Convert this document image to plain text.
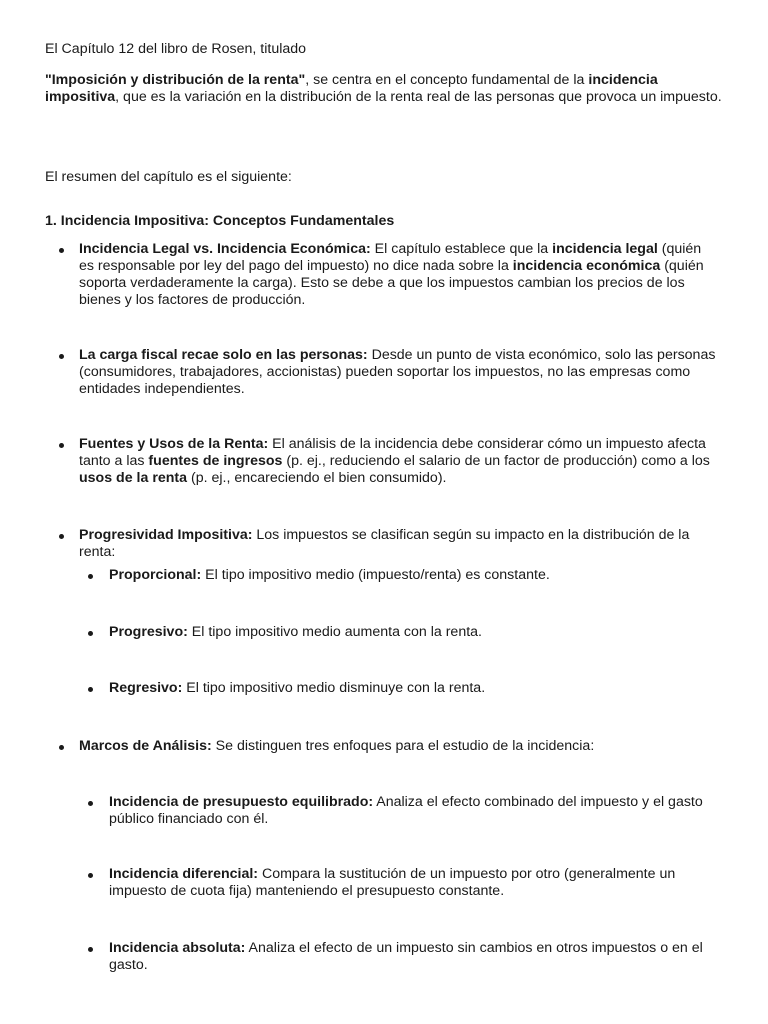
El Capítulo 12 del libro de Rosen, titulado

"Imposición y distribución de la renta", se centra en el concepto fundamental de la incidencia impositiva, que es la variación en la distribución de la renta real de las personas que provoca un impuesto.

El resumen del capítulo es el siguiente:

1. Incidencia Impositiva: Conceptos Fundamentales

Incidencia Legal vs. Incidencia Económica: El capítulo establece que la incidencia legal (quién es responsable por ley del pago del impuesto) no dice nada sobre la incidencia económica (quién soporta verdaderamente la carga). Esto se debe a que los impuestos cambian los precios de los bienes y los factores de producción.

La carga fiscal recae solo en las personas: Desde un punto de vista económico, solo las personas (consumidores, trabajadores, accionistas) pueden soportar los impuestos, no las empresas como entidades independientes.

Fuentes y Usos de la Renta: El análisis de la incidencia debe considerar cómo un impuesto afecta tanto a las fuentes de ingresos (p. ej., reduciendo el salario de un factor de producción) como a los usos de la renta (p. ej., encareciendo el bien consumido).

Progresividad Impositiva: Los impuestos se clasifican según su impacto en la distribución de la renta:

Proporcional: El tipo impositivo medio (impuesto/renta) es constante.

Progresivo: El tipo impositivo medio aumenta con la renta.

Regresivo: El tipo impositivo medio disminuye con la renta.

Marcos de Análisis: Se distinguen tres enfoques para el estudio de la incidencia:

Incidencia de presupuesto equilibrado: Analiza el efecto combinado del impuesto y el gasto público financiado con él.

Incidencia diferencial: Compara la sustitución de un impuesto por otro (generalmente un impuesto de cuota fija) manteniendo el presupuesto constante.

Incidencia absoluta: Analiza el efecto de un impuesto sin cambios en otros impuestos o en el gasto.
